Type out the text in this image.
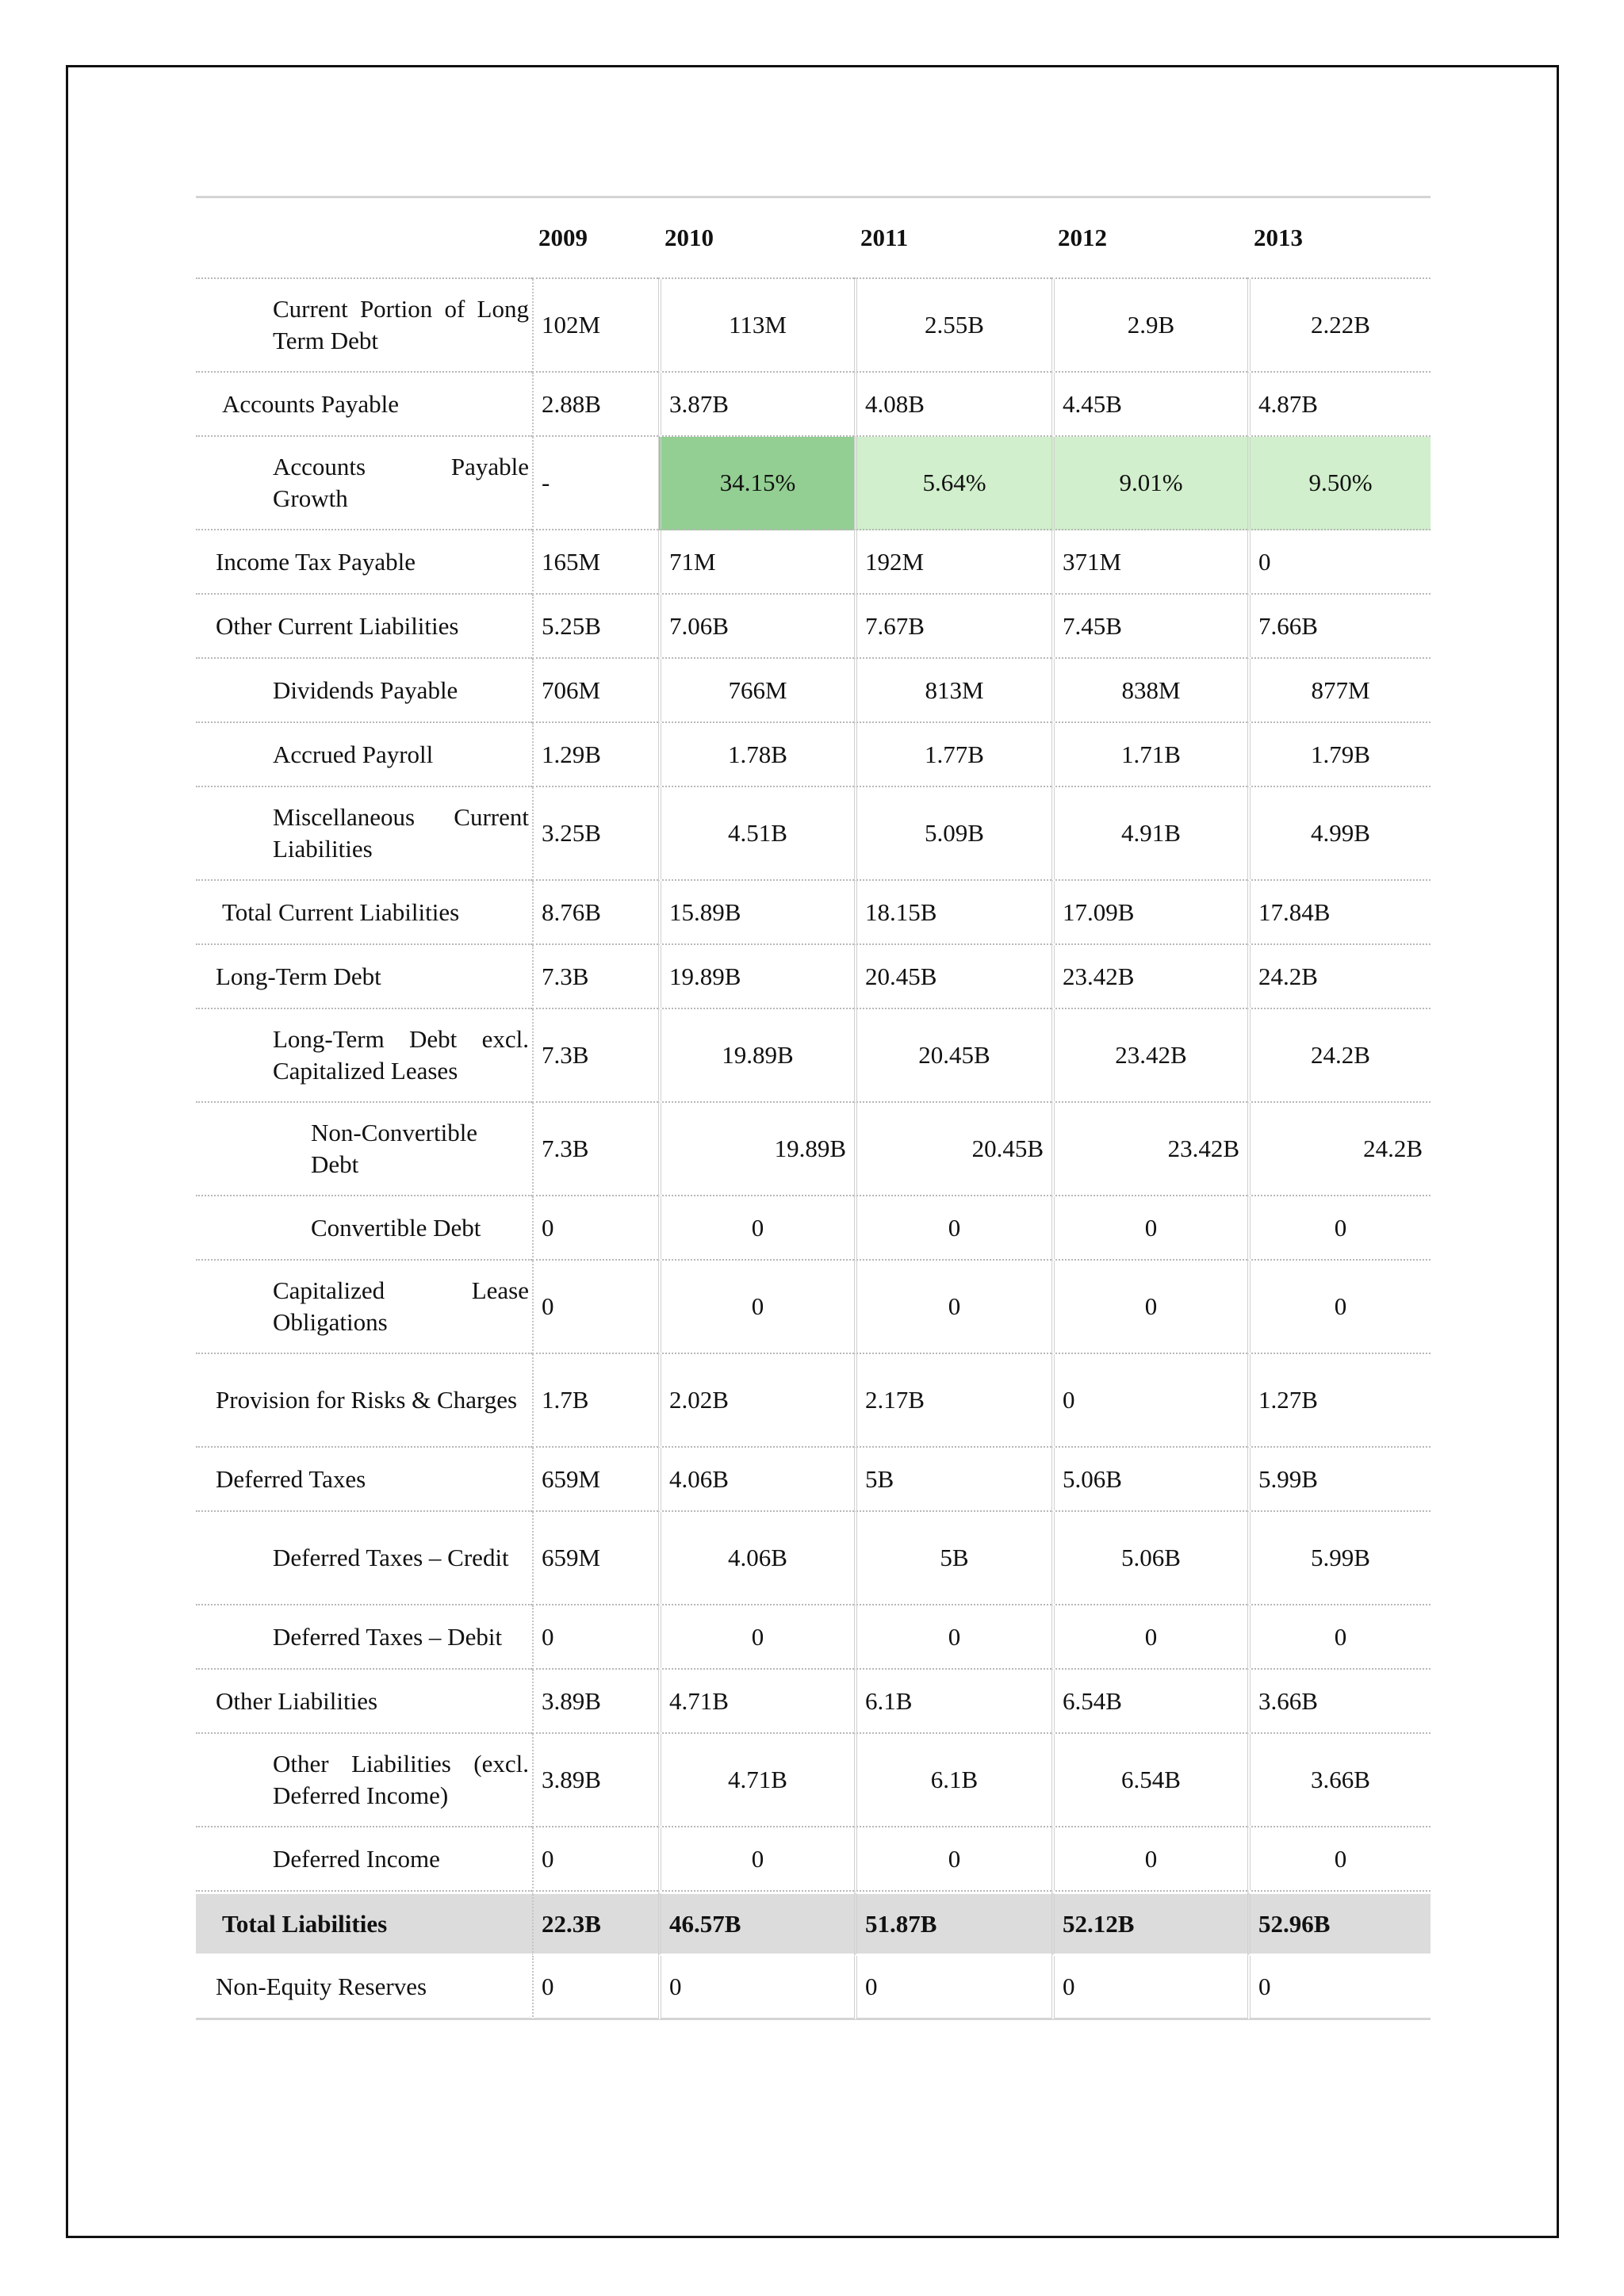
	2009	2010	2011	2012	2013
Current Portion of Long Term Debt	102M	113M	2.55B	2.9B	2.22B
Accounts Payable	2.88B	3.87B	4.08B	4.45B	4.87B
Accounts Payable Growth	-	34.15%	5.64%	9.01%	9.50%
Income Tax Payable	165M	71M	192M	371M	0
Other Current Liabilities	5.25B	7.06B	7.67B	7.45B	7.66B
Dividends Payable	706M	766M	813M	838M	877M
Accrued Payroll	1.29B	1.78B	1.77B	1.71B	1.79B
Miscellaneous Current Liabilities	3.25B	4.51B	5.09B	4.91B	4.99B
Total Current Liabilities	8.76B	15.89B	18.15B	17.09B	17.84B
Long-Term Debt	7.3B	19.89B	20.45B	23.42B	24.2B
Long-Term Debt excl. Capitalized Leases	7.3B	19.89B	20.45B	23.42B	24.2B
Non-Convertible Debt	7.3B	19.89B	20.45B	23.42B	24.2B
Convertible Debt	0	0	0	0	0
Capitalized Lease Obligations	0	0	0	0	0
Provision for Risks & Charges	1.7B	2.02B	2.17B	0	1.27B
Deferred Taxes	659M	4.06B	5B	5.06B	5.99B
Deferred Taxes – Credit	659M	4.06B	5B	5.06B	5.99B
Deferred Taxes – Debit	0	0	0	0	0
Other Liabilities	3.89B	4.71B	6.1B	6.54B	3.66B
Other Liabilities (excl. Deferred Income)	3.89B	4.71B	6.1B	6.54B	3.66B
Deferred Income	0	0	0	0	0
Total Liabilities	22.3B	46.57B	51.87B	52.12B	52.96B
Non-Equity Reserves	0	0	0	0	0
